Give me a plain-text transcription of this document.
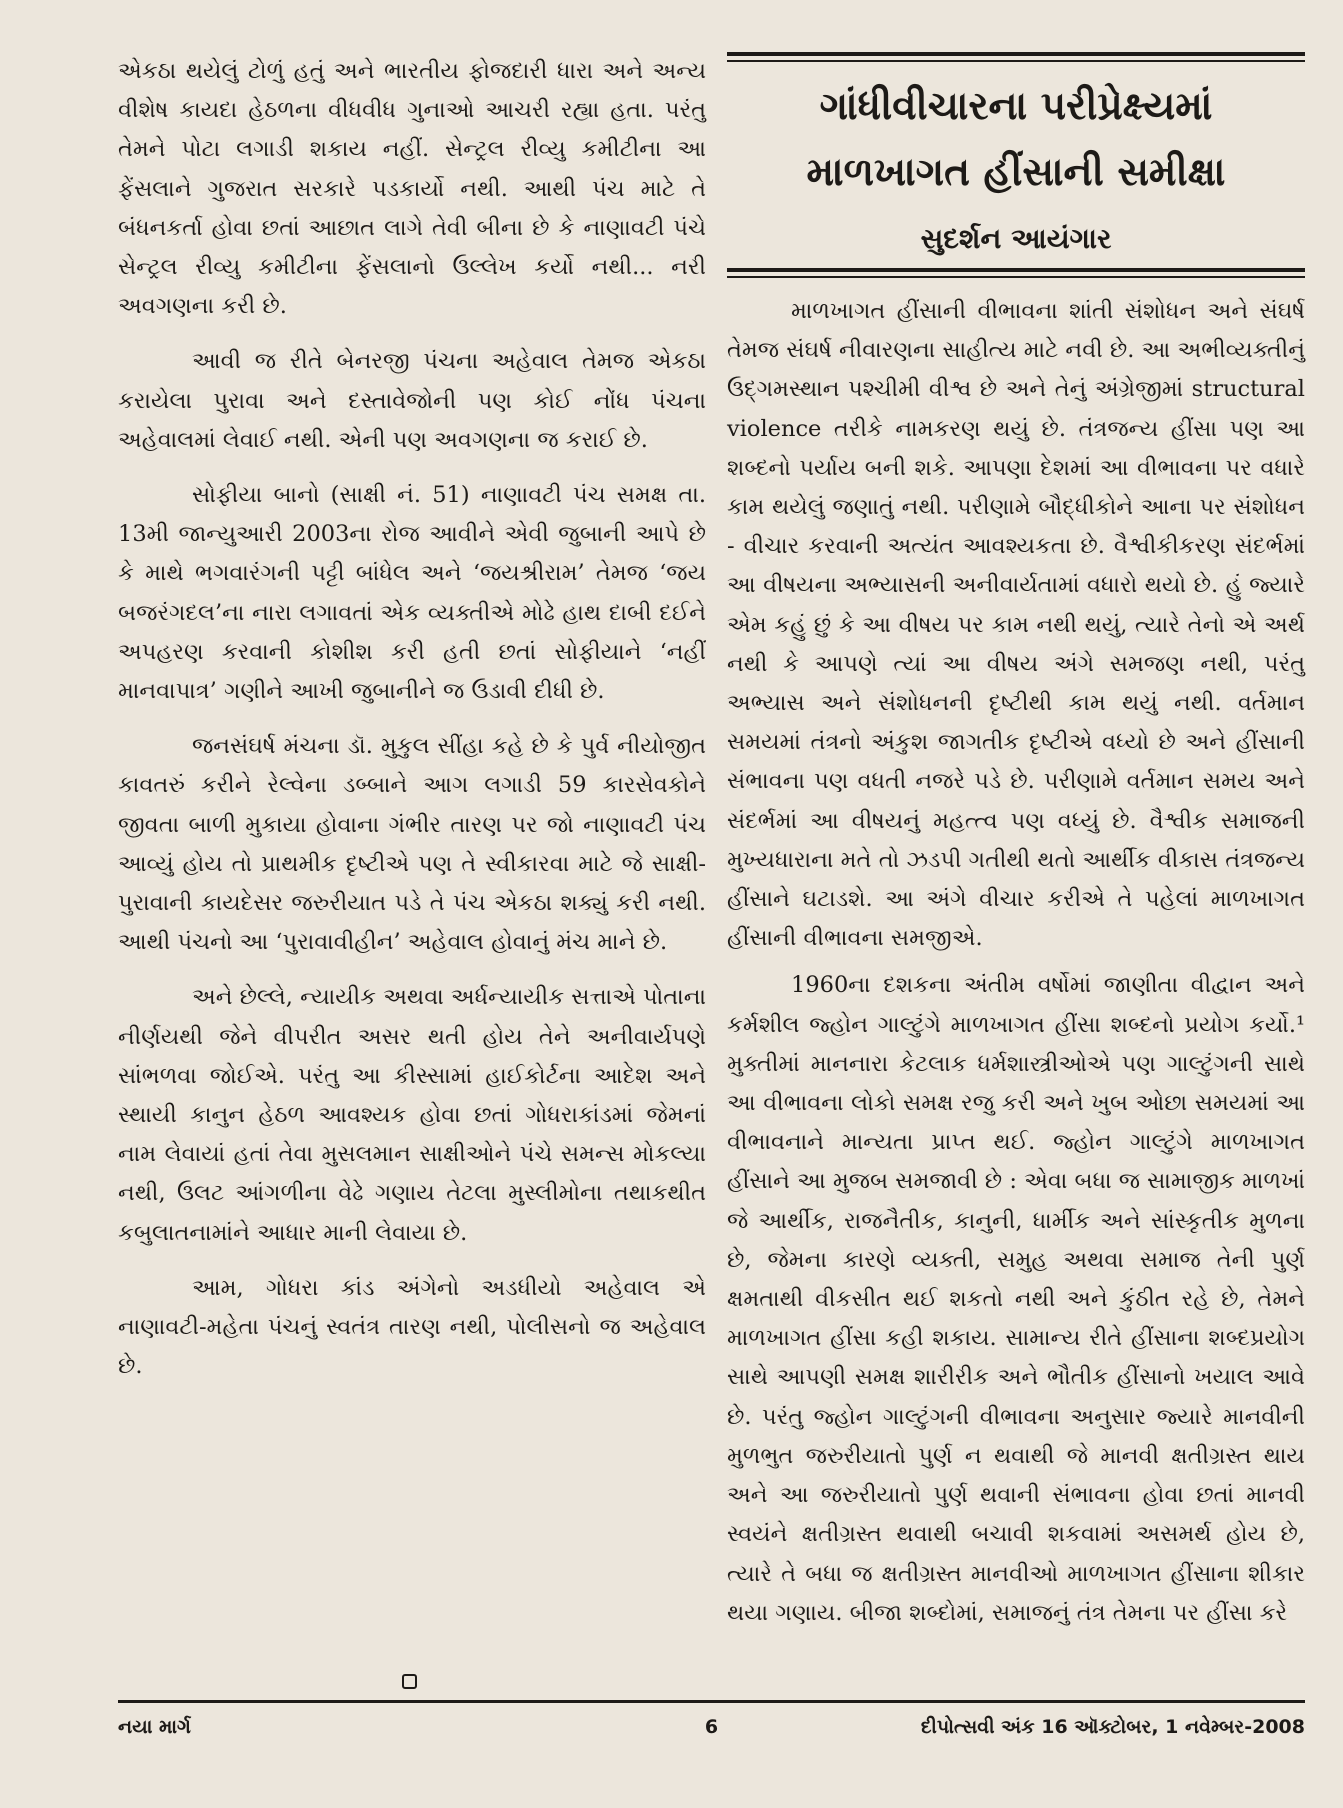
એકઠા થયેલું ટોળું હતું અને ભારતીય ફોજદારી ધારા અને અન્ય વીશેષ કાયદા હેઠળના વીધવીધ ગુનાઓ આચરી રહ્યા હતા. પરંતુ તેમને પોટા લગાડી શકાય નહીં. સેન્ટ્રલ રીવ્યુ કમીટીના આ ફેંસલાને ગુજરાત સરકારે પડકાર્યો નથી. આથી પંચ માટે તે બંધનકર્તા હોવા છતાં આછાત લાગે તેવી બીના છે કે નાણાવટી પંચે સેન્ટ્રલ રીવ્યુ કમીટીના ફેંસલાનો ઉલ્લેખ કર્યો નથી... નરી અવગણના કરી છે.

આવી જ રીતે બેનરજી પંચના અહેવાલ તેમજ એકઠા કરાયેલા પુરાવા અને દસ્તાવેજોની પણ કોઈ નોંધ પંચના અહેવાલમાં લેવાઈ નથી. એની પણ અવગણના જ કરાઈ છે.

સોફીયા બાનો (સાક્ષી નં. 51) નાણાવટી પંચ સમક્ષ તા. 13મી જાન્યુઆરી 2003ના રોજ આવીને એવી જુબાની આપે છે કે માથે ભગવારંગની પટ્ટી બાંધેલ અને ‘જયશ્રીરામ’ તેમજ ‘જય બજરંગદલ’ના નારા લગાવતાં એક વ્યક્તીએ મોઢે હાથ દાબી દઈને અપહરણ કરવાની કોશીશ કરી હતી છતાં સોફીયાને ‘નહીં માનવાપાત્ર’ ગણીને આખી જુબાનીને જ ઉડાવી દીધી છે.

જનસંઘર્ષ મંચના ડૉ. મુકુલ સીંહા કહે છે કે પુર્વ નીયોજીત કાવતરું કરીને રેલ્વેના ડબ્બાને આગ લગાડી 59 કારસેવકોને જીવતા બાળી મુકાયા હોવાના ગંભીર તારણ પર જો નાણાવટી પંચ આવ્યું હોય તો પ્રાથમીક દૃષ્ટીએ પણ તે સ્વીકારવા માટે જે સાક્ષી-પુરાવાની કાયદેસર જરુરીયાત પડે તે પંચ એકઠા શક્યું કરી નથી. આથી પંચનો આ ‘પુરાવાવીહીન’ અહેવાલ હોવાનું મંચ માને છે.

અને છેલ્લે, ન્યાયીક અથવા અર્ધન્યાયીક સત્તાએ પોતાના નીર્ણયથી જેને વીપરીત અસર થતી હોય તેને અનીવાર્યપણે સાંભળવા જોઈએ. પરંતુ આ કીસ્સામાં હાઈકોર્ટના આદેશ અને સ્થાયી કાનુન હેઠળ આવશ્યક હોવા છતાં ગોધરાકાંડમાં જેમનાં નામ લેવાયાં હતાં તેવા મુસલમાન સાક્ષીઓને પંચે સમન્સ મોકલ્યા નથી, ઉલટ આંગળીના વેઢે ગણાય તેટલા મુસ્લીમોના તથાકથીત કબુલાતનામાંને આધાર માની લેવાયા છે.

આમ, ગોધરા કાંડ અંગેનો અડધીયો અહેવાલ એ નાણાવટી-મહેતા પંચનું સ્વતંત્ર તારણ નથી, પોલીસનો જ અહેવાલ છે.

ગાંધીવીચારના પરીપ્રેક્ષ્યમાં
માળખાગત હીંસાની સમીક્ષા
સુદર્શન આયંગાર

માળખાગત હીંસાની વીભાવના શાંતી સંશોધન અને સંઘર્ષ તેમજ સંઘર્ષ નીવારણના સાહીત્ય માટે નવી છે. આ અભીવ્યક્તીનું ઉદ્‌ગમસ્થાન પશ્ચીમી વીશ્વ છે અને તેનું અંગ્રેજીમાં structural violence તરીકે નામકરણ થયું છે. તંત્રજન્ય હીંસા પણ આ શબ્દનો પર્યાય બની શકે. આપણા દેશમાં આ વીભાવના પર વધારે કામ થયેલું જણાતું નથી. પરીણામે બૌદ્ધીકોને આના પર સંશોધન - વીચાર કરવાની અત્યંત આવશ્યકતા છે. વૈશ્વીકીકરણ સંદર્ભમાં આ વીષયના અભ્યાસની અનીવાર્યતામાં વધારો થયો છે. હું જ્યારે એમ કહું છું કે આ વીષય પર કામ નથી થયું, ત્યારે તેનો એ અર્થ નથી કે આપણે ત્યાં આ વીષય અંગે સમજણ નથી, પરંતુ અભ્યાસ અને સંશોધનની દૃષ્ટીથી કામ થયું નથી. વર્તમાન સમયમાં તંત્રનો અંકુશ જાગતીક દૃષ્ટીએ વધ્યો છે અને હીંસાની સંભાવના પણ વધતી નજરે પડે છે. પરીણામે વર્તમાન સમય અને સંદર્ભમાં આ વીષયનું મહત્ત્વ પણ વધ્યું છે. વૈશ્વીક સમાજની મુખ્યધારાના મતે તો ઝડપી ગતીથી થતો આર્થીક વીકાસ તંત્રજન્ય હીંસાને ઘટાડશે. આ અંગે વીચાર કરીએ તે પહેલાં માળખાગત હીંસાની વીભાવના સમજીએ.

1960ના દશકના અંતીમ વર્ષોમાં જાણીતા વીદ્વાન અને કર્મશીલ જ્હોન ગાલ્ટુંગે માળખાગત હીંસા શબ્દનો પ્રયોગ કર્યો.¹ મુક્તીમાં માનનારા કેટલાક ધર્મશાસ્ત્રીઓએ પણ ગાલ્ટુંગની સાથે આ વીભાવના લોકો સમક્ષ રજુ કરી અને ખુબ ઓછા સમયમાં આ વીભાવનાને માન્યતા પ્રાપ્ત થઈ. જ્હોન ગાલ્ટુંગે માળખાગત હીંસાને આ મુજબ સમજાવી છે : એવા બધા જ સામાજીક માળખાં જે આર્થીક, રાજનૈતીક, કાનુની, ધાર્મીક અને સાંસ્કૃતીક મુળના છે, જેમના કારણે વ્યક્તી, સમુહ અથવા સમાજ તેની પુર્ણ ક્ષમતાથી વીકસીત થઈ શકતો નથી અને કુંઠીત રહે છે, તેમને માળખાગત હીંસા કહી શકાય. સામાન્ય રીતે હીંસાના શબ્દપ્રયોગ સાથે આપણી સમક્ષ શારીરીક અને ભૌતીક હીંસાનો ખયાલ આવે છે. પરંતુ જ્હોન ગાલ્ટુંગની વીભાવના અનુસાર જ્યારે માનવીની મુળભુત જરુરીયાતો પુર્ણ ન થવાથી જે માનવી ક્ષતીગ્રસ્ત થાય અને આ જરુરીયાતો પુર્ણ થવાની સંભાવના હોવા છતાં માનવી સ્વયંને ક્ષતીગ્રસ્ત થવાથી બચાવી શકવામાં અસમર્થ હોય છે, ત્યારે તે બધા જ ક્ષતીગ્રસ્ત માનવીઓ માળખાગત હીંસાના શીકાર થયા ગણાય. બીજા શબ્દોમાં, સમાજનું તંત્ર તેમના પર હીંસા કરે

નયા માર્ગ	6	દીપોત્સવી અંક 16 ઑક્ટોબર, 1 નવેમ્બર-2008
